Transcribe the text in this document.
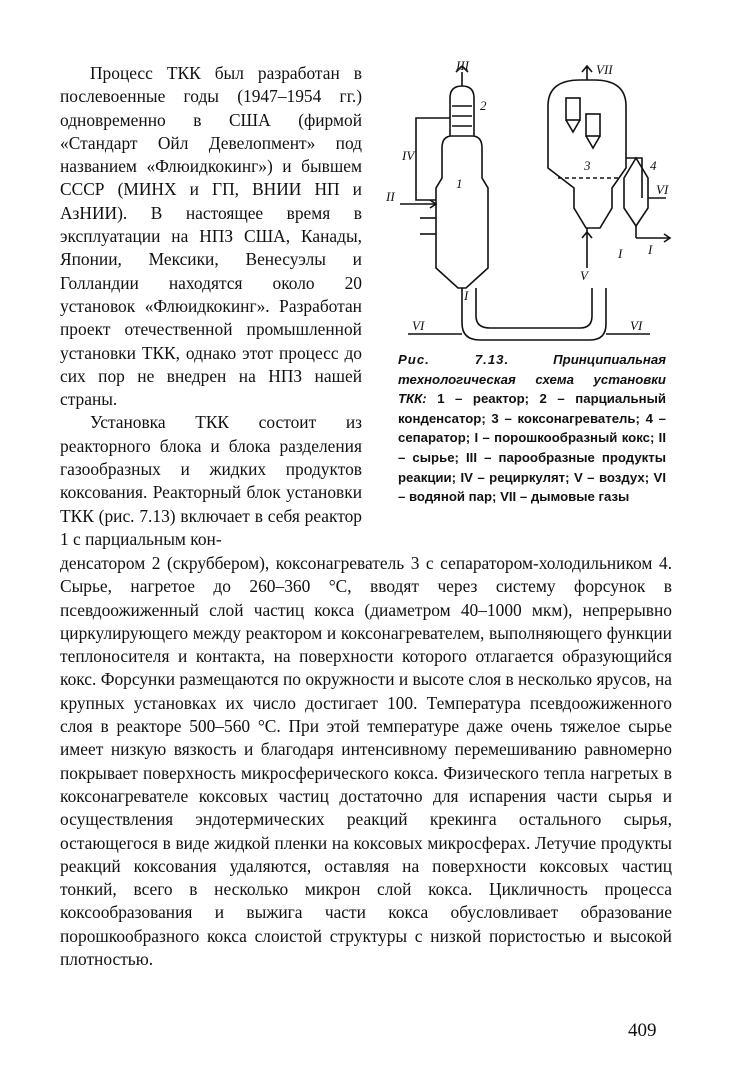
Процесс ТКК был разработан в послевоенные годы (1947–1954 гг.) одновременно в США (фирмой «Стандарт Ойл Девелопмент» под названием «Флюидкокинг») и бывшем СССР (МИНХ и ГП, ВНИИ НП и АзНИИ). В настоящее время в эксплуатации на НПЗ США, Канады, Японии, Мексики, Венесуэлы и Голландии находятся около 20 установок «Флюидкокинг». Разработан проект отечественной промышленной установки ТКК, однако этот процесс до сих пор не внедрен на НПЗ нашей страны.

Установка ТКК состоит из реакторного блока и блока разделения газообразных и жидких продуктов коксования. Реакторный блок установки ТКК (рис. 7.13) включает в себя реактор 1 с парциальным кон-

III
2
IV
II
1
I
VI
VII
3	4
VI
I
I
V
VI
Рис. 7.13.	Принципиальная технологическая схема установки ТКК: 1 – реактор; 2 – парциальный конденсатор; 3 – коксонагреватель; 4 – сепаратор; I – порошкообразный кокс; II – сырье; III – парообразные продукты реакции; IV – рециркулят; V – воздух; VI – водяной пар; VII – дымовые газы

денсатором 2 (скруббером), коксонагреватель 3 с сепаратором-холодильником 4. Сырье, нагретое до 260–360 °С, вводят через систему форсунок в псевдоожиженный слой частиц кокса (диаметром 40–1000 мкм), непрерывно циркулирующего между реактором и коксонагревателем, выполняющего функции теплоносителя и контакта, на поверхности которого отлагается образующийся кокс. Форсунки размещаются по окружности и высоте слоя в несколько ярусов, на крупных установках их число достигает 100. Температура псевдоожиженного слоя в реакторе 500–560 °С. При этой температуре даже очень тяжелое сырье имеет низкую вязкость и благодаря интенсивному перемешиванию равномерно покрывает поверхность микросферического кокса. Физического тепла нагретых в коксонагревателе коксовых частиц достаточно для испарения части сырья и осуществления эндотермических реакций крекинга остального сырья, остающегося в виде жидкой пленки на коксовых микросферах. Летучие продукты реакций коксования удаляются, оставляя на поверхности коксовых частиц тонкий, всего в несколько микрон слой кокса. Цикличность процесса коксообразования и выжига части кокса обусловливает образование порошкообразного кокса слоистой структуры с низкой пористостью и высокой плотностью.

409
